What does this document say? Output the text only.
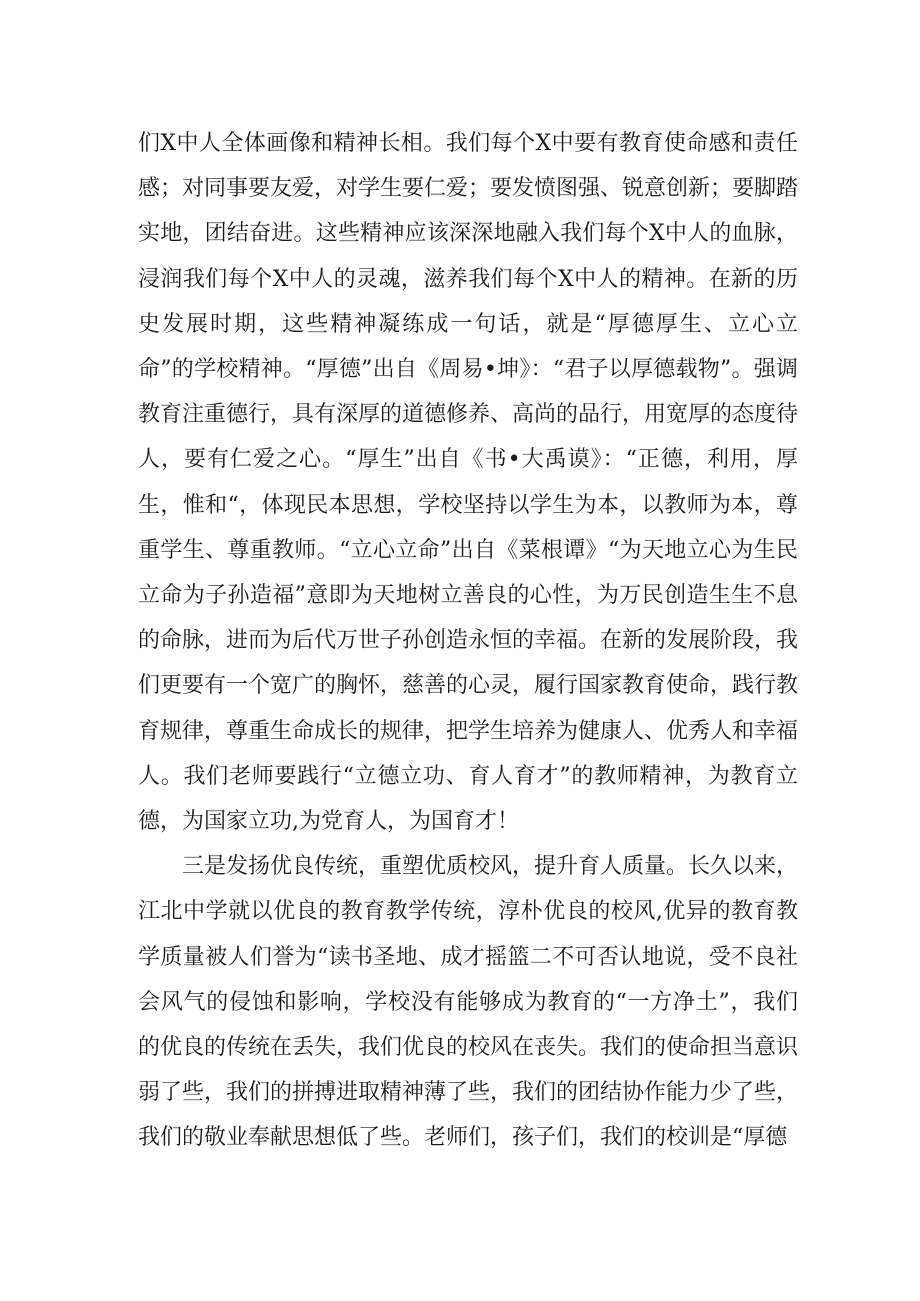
们X中人全体画像和精神长相。我们每个X中要有教育使命感和责任感；对同事要友爱，对学生要仁爱；要发愤图强、锐意创新；要脚踏实地，团结奋进。这些精神应该深深地融入我们每个X中人的血脉，浸润我们每个X中人的灵魂，滋养我们每个X中人的精神。在新的历史发展时期，这些精神凝练成一句话，就是“厚德厚生、立心立命”的学校精神。“厚德”出自《周易•坤》：“君子以厚德载物”。强调教育注重德行，具有深厚的道德修养、高尚的品行，用宽厚的态度待人，要有仁爱之心。“厚生”出自《书•大禹谟》：“正德，利用，厚生，惟和“，体现民本思想，学校坚持以学生为本，以教师为本，尊重学生、尊重教师。“立心立命”出自《菜根谭》“为天地立心为生民立命为子孙造福”意即为天地树立善良的心性，为万民创造生生不息的命脉，进而为后代万世子孙创造永恒的幸福。在新的发展阶段，我们更要有一个宽广的胸怀，慈善的心灵，履行国家教育使命，践行教育规律，尊重生命成长的规律，把学生培养为健康人、优秀人和幸福人。我们老师要践行“立德立功、育人育才”的教师精神，为教育立德，为国家立功,为党育人，为国育才！

三是发扬优良传统，重塑优质校风，提升育人质量。长久以来，江北中学就以优良的教育教学传统，淳朴优良的校风,优异的教育教学质量被人们誉为“读书圣地、成才摇篮二不可否认地说，受不良社会风气的侵蚀和影响，学校没有能够成为教育的“一方净土”，我们的优良的传统在丢失，我们优良的校风在丧失。我们的使命担当意识弱了些，我们的拼搏进取精神薄了些，我们的团结协作能力少了些，我们的敬业奉献思想低了些。老师们，孩子们，我们的校训是“厚德
